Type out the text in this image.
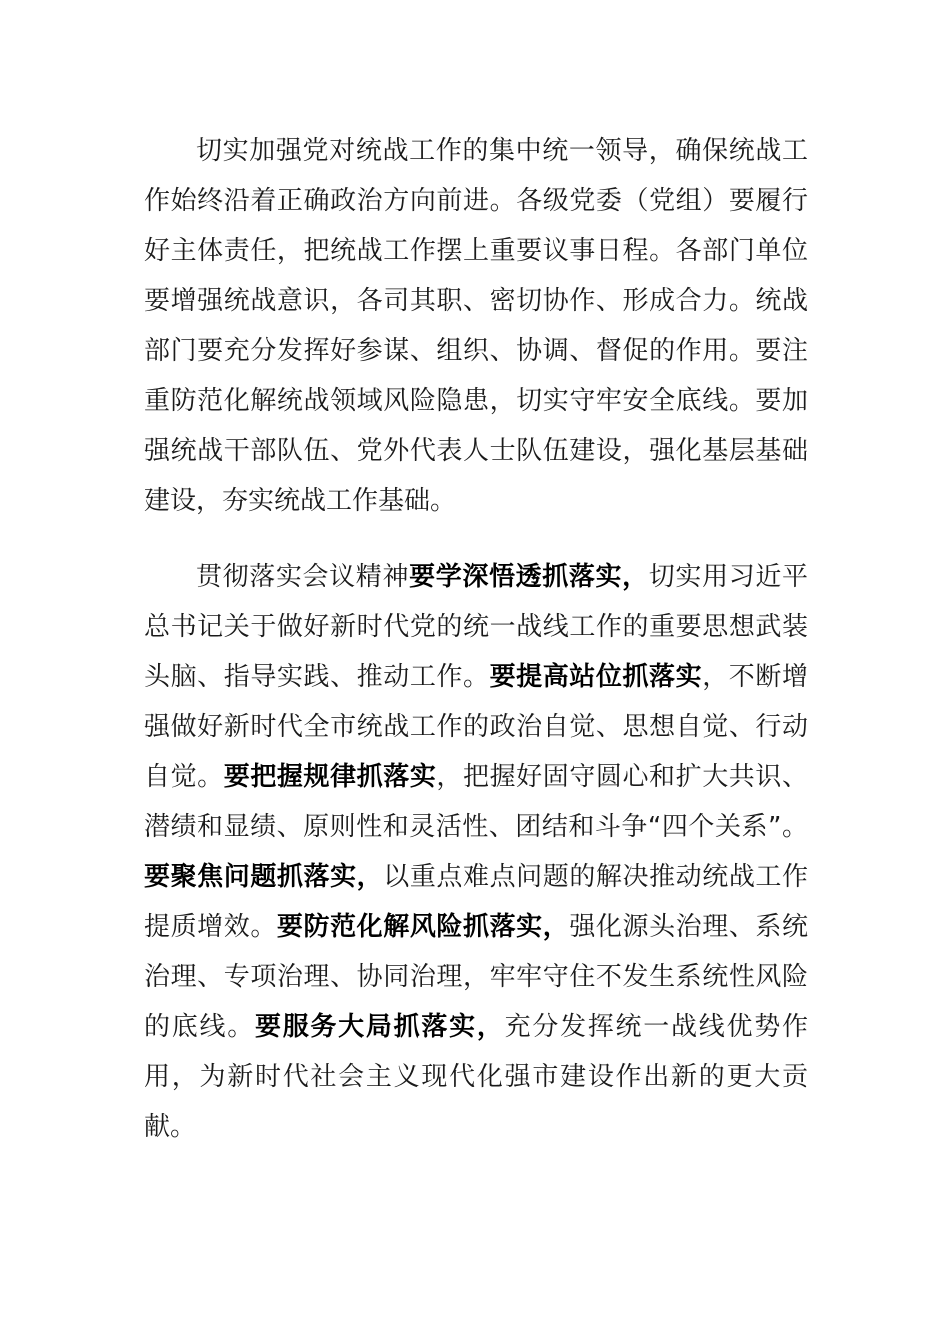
切实加强党对统战工作的集中统一领导，确保统战工作始终沿着正确政治方向前进。各级党委（党组）要履行好主体责任，把统战工作摆上重要议事日程。各部门单位要增强统战意识，各司其职、密切协作、形成合力。统战部门要充分发挥好参谋、组织、协调、督促的作用。要注重防范化解统战领域风险隐患，切实守牢安全底线。要加强统战干部队伍、党外代表人士队伍建设，强化基层基础建设，夯实统战工作基础。

贯彻落实会议精神要学深悟透抓落实，切实用习近平总书记关于做好新时代党的统一战线工作的重要思想武装头脑、指导实践、推动工作。要提高站位抓落实，不断增强做好新时代全市统战工作的政治自觉、思想自觉、行动自觉。要把握规律抓落实，把握好固守圆心和扩大共识、潜绩和显绩、原则性和灵活性、团结和斗争“四个关系”。要聚焦问题抓落实，以重点难点问题的解决推动统战工作提质增效。要防范化解风险抓落实，强化源头治理、系统治理、专项治理、协同治理，牢牢守住不发生系统性风险的底线。要服务大局抓落实，充分发挥统一战线优势作用，为新时代社会主义现代化强市建设作出新的更大贡献。
